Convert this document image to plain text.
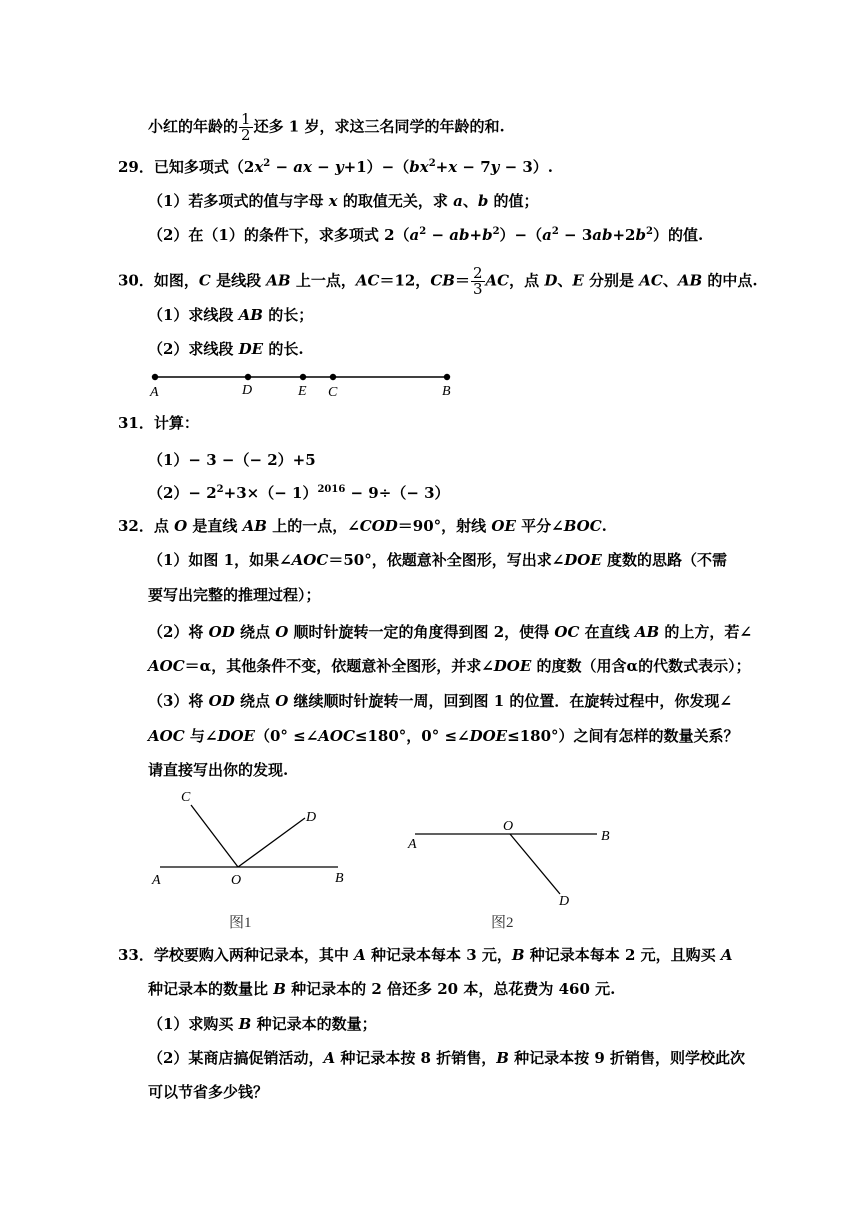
小红的年龄的 $\frac{1}{2}$ 还多 1 岁，求这三名同学的年龄的和.
29．已知多项式（$2x^2$ − ax − $y+1)-(bx^2+x - 7y - 3)$.
（1）若多项式的值与字母 x 的取值无关，求 a、b 的值；
（2）在（1）的条件下，求多项式 $2(a^2 - ab+b^2)-(a^2 - 3ab+2b^2)$的值.
30．如图，C 是线段 AB 上一点，AC＝12，$CB= \frac{2}{3}$ AC，点 D、E 分别是 AC、AB 的中点.
（1）求线段 AB 的长；
（2）求线段 DE 的长.
A	D	E C	B
31．计算：
（1）− 3 −（− 2）+5
$(2)- 2^2+3\times(- 1)^{2016} - 9\div(- 3)$
32．点 O 是直线 AB 上的一点，∠COD＝90°，射线 OE 平分∠BOC.
（1）如图 1，如果∠AOC＝50°，依题意补全图形，写出求∠DOE 度数的思路（不需
要写出完整的推理过程）；
（2）将 OD 绕点 O 顺时针旋转一定的角度得到图 2，使得 OC 在直线 AB 的上方，若∠
AOC＝α，其他条件不变，依题意补全图形，并求∠DOE 的度数（用含α的代数式表示）；
（3）将 OD 绕点 O 继续顺时针旋转一周，回到图 1 的位置．在旋转过程中，你发现∠
AOC 与∠DOE（0° ≤∠AOC≤180°，0° ≤∠DOE≤180°）之间有怎样的数量关系？
请直接写出你的发现.
C
D
A	O	B
图1
O
A
B
D
图2
33．学校要购入两种记录本，其中 A 种记录本每本 3 元，B 种记录本每本 2 元，且购买 A
种记录本的数量比 B 种记录本的 2 倍还多 20 本，总花费为 460 元.
（1）求购买 B 种记录本的数量；
（2）某商店搞促销活动，A 种记录本按 8 折销售，B 种记录本按 9 折销售，则学校此次
可以节省多少钱？
